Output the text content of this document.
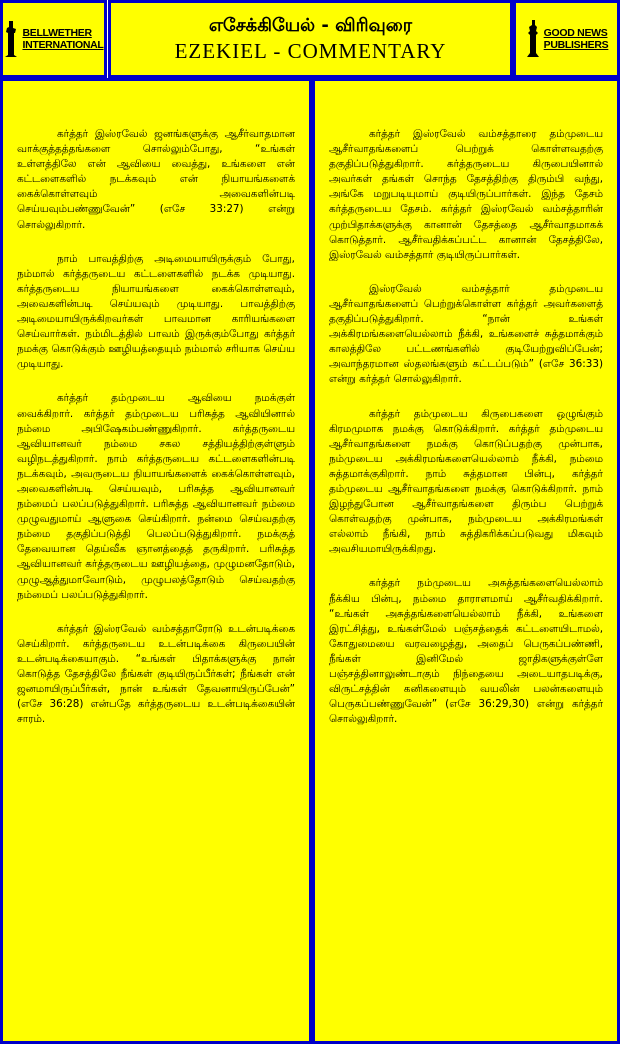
BELLWETHER
INTERNATIONAL
எசேக்கியேல் - விரிவுரை
EZEKIEL - COMMENTARY
GOOD NEWS
PUBLISHERS

கர்த்தர் இஸ்ரவேல் ஜனங்களுக்கு ஆசீர்வாதமான வாக்குத்தத்தங்களை சொல்லும்போது, “உங்கள் உள்ளத்திலே என் ஆவியை வைத்து, உங்களை என் கட்டளைகளில் நடக்கவும் என் நியாயங்களைக் கைக்கொள்ளவும் அவைகளின்படி செய்யவும்பண்ணுவேன்” (எசே 33:27) என்று சொல்லுகிறார்.

நாம் பாவத்திற்கு அடிமையாயிருக்கும் போது, நம்மால் கர்த்தருடைய கட்டளைகளில் நடக்க முடியாது. கர்த்தருடைய நியாயங்களை கைக்கொள்ளவும், அவைகளின்படி செய்யவும் முடியாது. பாவத்திற்கு அடிமையாயிருக்கிறவர்கள் பாவமான காரியங்களை செய்வார்கள். நம்மிடத்தில் பாவம் இருக்கும்போது கர்த்தர் நமக்கு கொடுக்கும் ஊழியத்தையும் நம்மால் சரியாக செய்ய முடியாது.

கர்த்தர் தம்முடைய ஆவியை நமக்குள் வைக்கிறார். கர்த்தர் தம்முடைய பரிசுத்த ஆவியினால் நம்மை அபிஷேகம்பண்ணுகிறார். கர்த்தருடைய ஆவியானவர் நம்மை சகல சத்தியத்திற்குள்ளும் வழிநடத்துகிறார். நாம் கர்த்தருடைய கட்டளைகளின்படி நடக்கவும், அவருடைய நியாயங்களைக் கைக்கொள்ளவும், அவைகளின்படி செய்யவும், பரிசுத்த ஆவியானவர் நம்மைப் பலப்படுத்துகிறார். பரிசுத்த ஆவியானவர் நம்மை முழுவதுமாய் ஆளுகை செய்கிறார். நன்மை செய்வதற்கு நம்மை தகுதிப்படுத்தி பெலப்படுத்துகிறார். நமக்குத் தேவையான தெய்வீக ஞானத்தைத் தருகிறார். பரிசுத்த ஆவியானவர் கர்த்தருடைய ஊழியத்தை, முழுமனதோடும், முழுஆத்துமாவோடும், முழுபலத்தோடும் செய்வதற்கு நம்மைப் பலப்படுத்துகிறார்.

கர்த்தர் இஸ்ரவேல் வம்சத்தாரோடு உடன்படிக்கை செய்கிறார். கர்த்தருடைய உடன்படிக்கை கிருபையின் உடன்படிக்கையாகும். “உங்கள் பிதாக்களுக்கு நான் கொடுத்த தேசத்திலே நீங்கள் குடியிருப்பீர்கள்; நீங்கள் என் ஜனமாயிருப்பீர்கள், நான் உங்கள் தேவனாயிருப்பேன்” (எசே 36:28) என்பதே கர்த்தருடைய உடன்படிக்கையின் சாரம்.

கர்த்தர் இஸ்ரவேல் வம்சத்தாரை தம்முடைய ஆசீர்வாதங்களைப் பெற்றுக் கொள்ளவதற்கு தகுதிப்படுத்துகிறார். கர்த்தருடைய கிருபையினால் அவர்கள் தங்கள் சொந்த தேசத்திற்கு திரும்பி வந்து, அங்கே மறுபடியுமாய் குடியிருப்பார்கள். இந்த தேசம் கர்த்தருடைய தேசம். கர்த்தர் இஸ்ரவேல் வம்சத்தாரின் முற்பிதாக்களுக்கு கானான் தேசத்தை ஆசீர்வாதமாகக் கொடுத்தார். ஆசீர்வதிக்கப்பட்ட கானான் தேசத்திலே, இஸ்ரவேல் வம்சத்தார் குடியிருப்பார்கள்.

இஸ்ரவேல் வம்சத்தார் தம்முடைய ஆசீர்வாதங்களைப் பெற்றுக்கொள்ள கர்த்தர் அவர்களைத் தகுதிப்படுத்துகிறார். “நான் உங்கள் அக்கிரமங்களையெல்லாம் நீக்கி, உங்களைச் சுத்தமாக்கும் காலத்திலே பட்டணங்களில் குடியேற்றுவிப்பேன்; அவாந்தரமான ஸ்தலங்களும் கட்டப்படும்” (எசே 36:33) என்று கர்த்தர் சொல்லுகிறார்.

கர்த்தர் தம்முடைய கிருபைகளை ஒழுங்கும் கிரமமுமாக நமக்கு கொடுக்கிறார். கர்த்தர் தம்முடைய ஆசீர்வாதங்களை நமக்கு கொடுப்பதற்கு முன்பாக, நம்முடைய அக்கிரமங்களையெல்லாம் நீக்கி, நம்மை சுத்தமாக்குகிறார். நாம் சுத்தமான பின்பு, கர்த்தர் தம்முடைய ஆசீர்வாதங்களை நமக்கு கொடுக்கிறார். நாம் இழந்துபோன ஆசீர்வாதங்களை திரும்ப பெற்றுக் கொள்வதற்கு முன்பாக, நம்முடைய அக்கிரமங்கள் எல்லாம் நீங்கி, நாம் சுத்திகரிக்கப்படுவது மிகவும் அவசியமாயிருக்கிறது.

கர்த்தர் நம்முடைய அசுத்தங்களையெல்லாம் நீக்கிய பின்பு, நம்மை தாராளமாய் ஆசீர்வதிக்கிறார். “உங்கள் அசுத்தங்களையெல்லாம் நீக்கி, உங்களை இரட்சித்து, உங்கள்மேல் பஞ்சத்தைக் கட்டளையிடாமல், கோதுமையை வரவழைத்து, அதைப் பெருகப்பண்ணி, நீங்கள் இனிமேல் ஜாதிகளுக்குள்ளே பஞ்சத்தினாலுண்டாகும் நிந்தையை அடையாதபடிக்கு, விருட்சத்தின் கனிகளையும் வயலின் பலன்களையும் பெருகப்பண்ணுவேன்” (எசே 36:29,30) என்று கர்த்தர் சொல்லுகிறார்.
